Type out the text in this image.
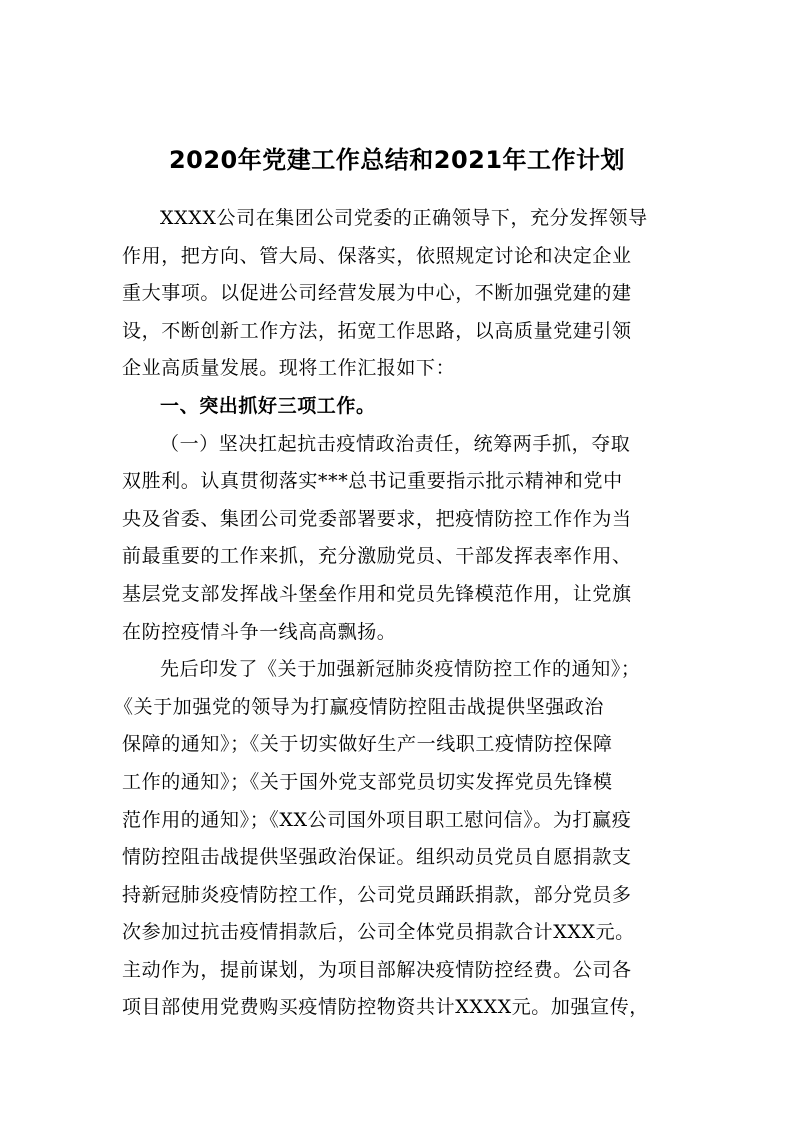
2020年党建工作总结和2021年工作计划
XXXX公司在集团公司党委的正确领导下，充分发挥领导
作用，把方向、管大局、保落实，依照规定讨论和决定企业
重大事项。以促进公司经营发展为中心，不断加强党建的建
设，不断创新工作方法，拓宽工作思路，以高质量党建引领
企业高质量发展。现将工作汇报如下：

一、突出抓好三项工作。

（一）坚决扛起抗击疫情政治责任，统筹两手抓，夺取
双胜利。认真贯彻落实***总书记重要指示批示精神和党中
央及省委、集团公司党委部署要求，把疫情防控工作作为当
前最重要的工作来抓，充分激励党员、干部发挥表率作用、
基层党支部发挥战斗堡垒作用和党员先锋模范作用，让党旗
在防控疫情斗争一线高高飘扬。
先后印发了《关于加强新冠肺炎疫情防控工作的通知》；
《关于加强党的领导为打赢疫情防控阻击战提供坚强政治
保障的通知》；《关于切实做好生产一线职工疫情防控保障
工作的通知》；《关于国外党支部党员切实发挥党员先锋模
范作用的通知》；《XX公司国外项目职工慰问信》。为打赢疫
情防控阻击战提供坚强政治保证。组织动员党员自愿捐款支
持新冠肺炎疫情防控工作，公司党员踊跃捐款，部分党员多
次参加过抗击疫情捐款后，公司全体党员捐款合计XXX元。
主动作为，提前谋划，为项目部解决疫情防控经费。公司各
项目部使用党费购买疫情防控物资共计XXXX元。加强宣传，
